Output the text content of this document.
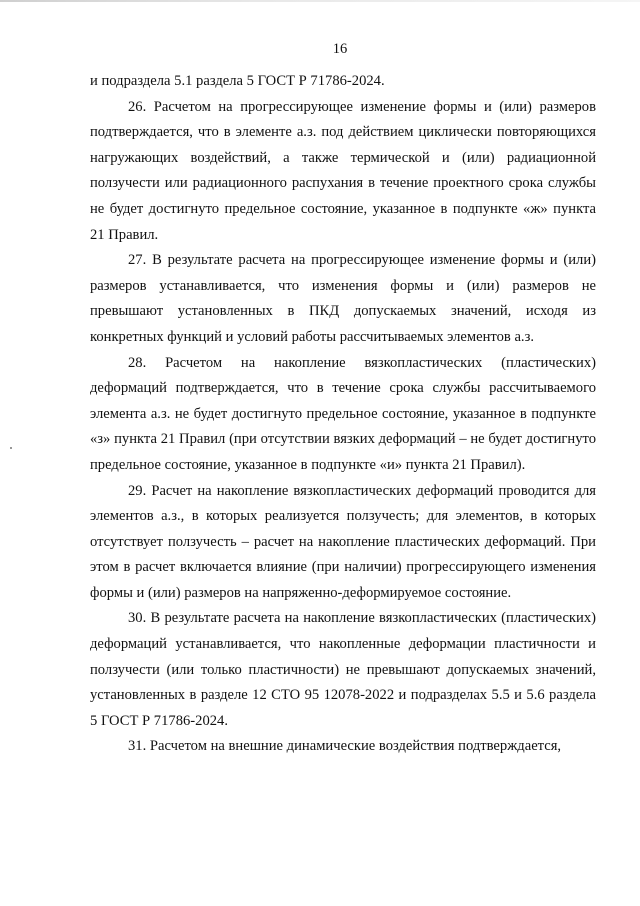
16

и подраздела 5.1 раздела 5 ГОСТ Р 71786-2024.

26. Расчетом на прогрессирующее изменение формы и (или) размеров подтверждается, что в элементе а.з. под действием циклически повторяющихся нагружающих воздействий, а также термической и (или) радиационной ползучести или радиационного распухания в течение проектного срока службы не будет достигнуто предельное состояние, указанное в подпункте «ж» пункта 21 Правил.

27. В результате расчета на прогрессирующее изменение формы и (или) размеров устанавливается, что изменения формы и (или) размеров не превышают установленных в ПКД допускаемых значений, исходя из конкретных функций и условий работы рассчитываемых элементов а.з.

28. Расчетом на накопление вязкопластических (пластических) деформаций подтверждается, что в течение срока службы рассчитываемого элемента а.з. не будет достигнуто предельное состояние, указанное в подпункте «з» пункта 21 Правил (при отсутствии вязких деформаций – не будет достигнуто предельное состояние, указанное в подпункте «и» пункта 21 Правил).

29. Расчет на накопление вязкопластических деформаций проводится для элементов а.з., в которых реализуется ползучесть; для элементов, в которых отсутствует ползучесть – расчет на накопление пластических деформаций. При этом в расчет включается влияние (при наличии) прогрессирующего изменения формы и (или) размеров на напряженно-деформируемое состояние.

30. В результате расчета на накопление вязкопластических (пластических) деформаций устанавливается, что накопленные деформации пластичности и ползучести (или только пластичности) не превышают допускаемых значений, установленных в разделе 12 СТО 95 12078-2022 и подразделах 5.5 и 5.6 раздела 5 ГОСТ Р 71786-2024.

31. Расчетом на внешние динамические воздействия подтверждается,
